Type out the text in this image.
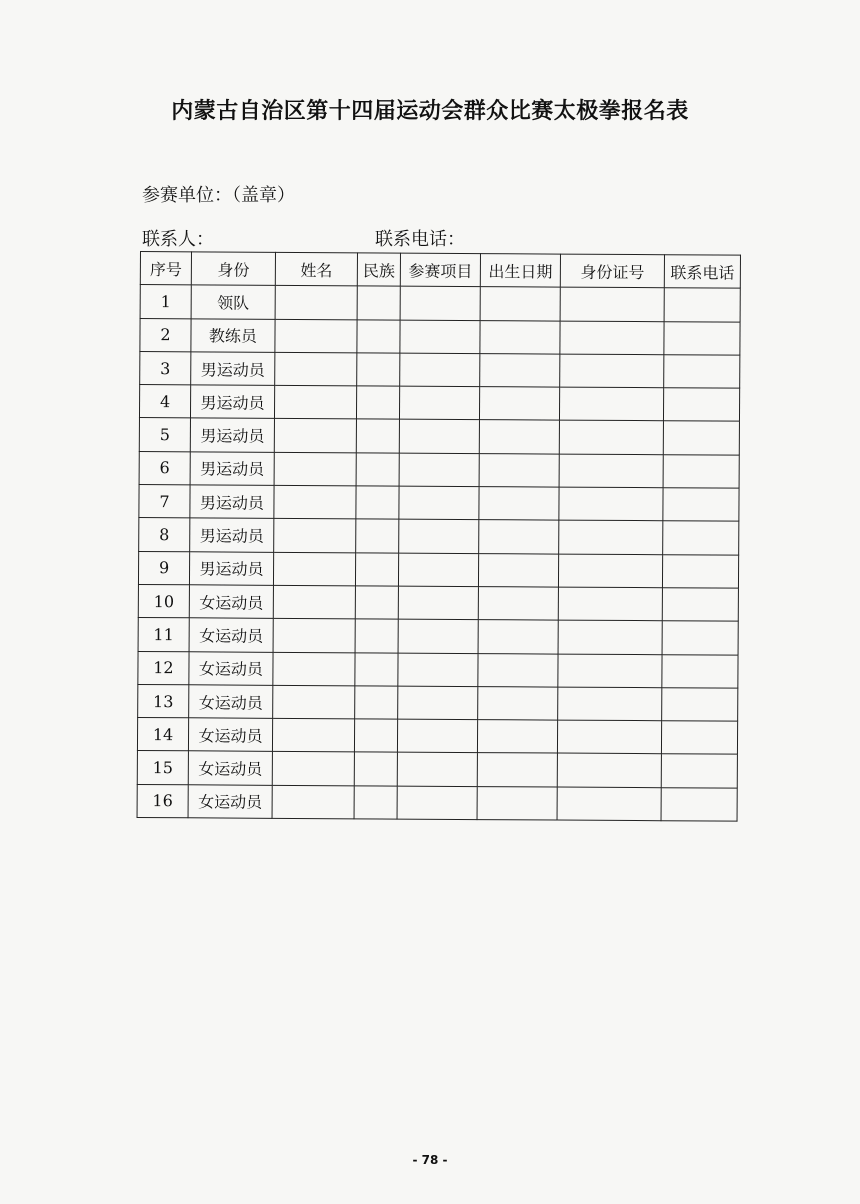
内蒙古自治区第十四届运动会群众比赛太极拳报名表
参赛单位：（盖章）
联系人：	联系电话：
序号	身份	姓名	民族	参赛项目	出生日期	身份证号	联系电话
1	领队						
2	教练员						
3	男运动员						
4	男运动员						
5	男运动员						
6	男运动员						
7	男运动员						
8	男运动员						
9	男运动员						
10	女运动员						
11	女运动员						
12	女运动员						
13	女运动员						
14	女运动员						
15	女运动员						
16	女运动员						
- 78 -
